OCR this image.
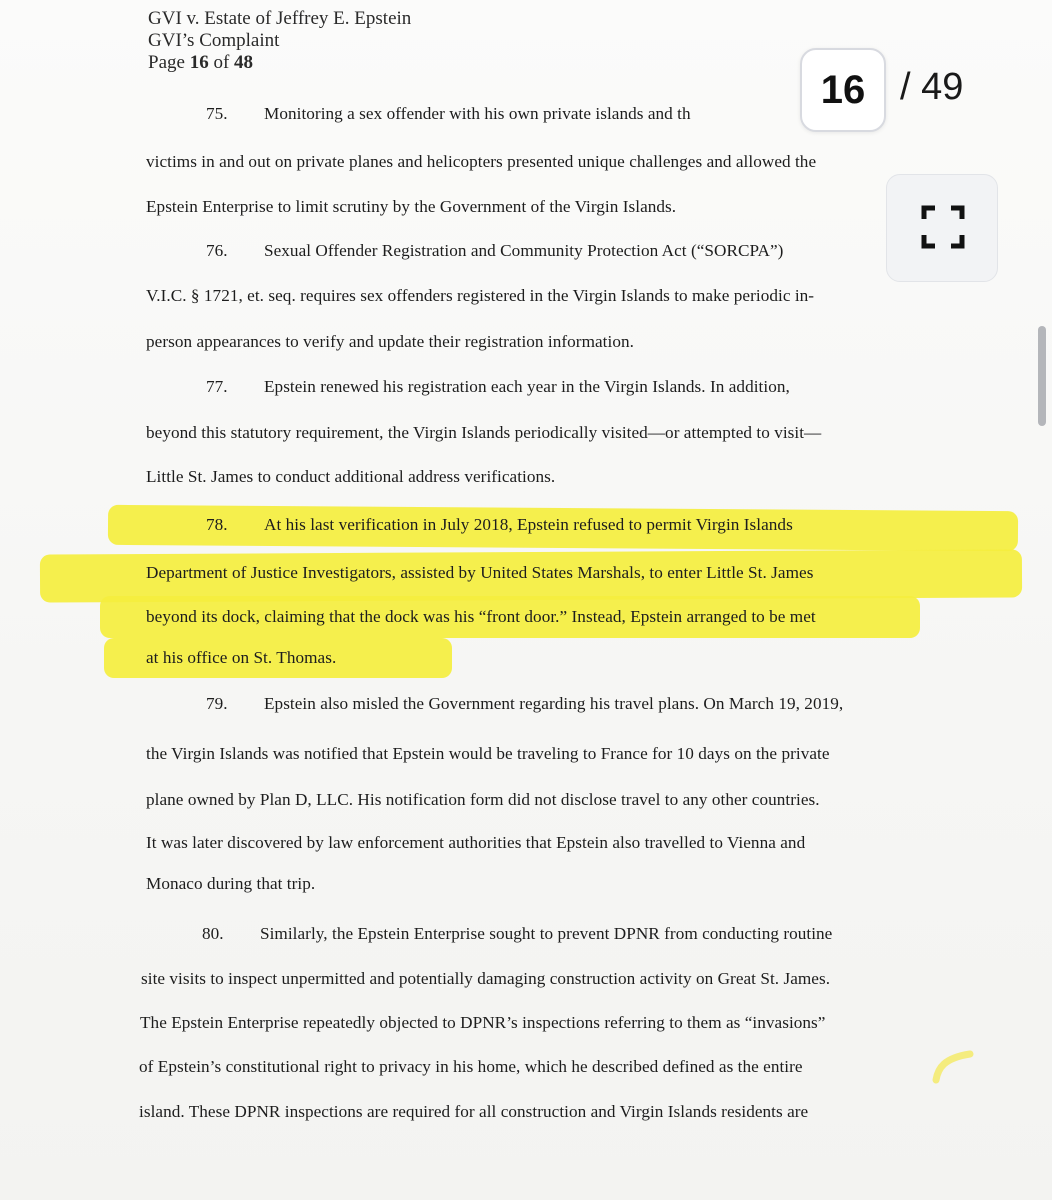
GVI v. Estate of Jeffrey E. Epstein
GVI’s Complaint
Page 16 of 48
75. Monitoring a sex offender with his own private islands and th
victims in and out on private planes and helicopters presented unique challenges and allowed the
Epstein Enterprise to limit scrutiny by the Government of the Virgin Islands.
76. Sexual Offender Registration and Community Protection Act (“SORCPA”)
V.I.C. § 1721, et. seq. requires sex offenders registered in the Virgin Islands to make periodic in-
person appearances to verify and update their registration information.
77. Epstein renewed his registration each year in the Virgin Islands. In addition,
beyond this statutory requirement, the Virgin Islands periodically visited—or attempted to visit—
Little St. James to conduct additional address verifications.
78. At his last verification in July 2018, Epstein refused to permit Virgin Islands
Department of Justice Investigators, assisted by United States Marshals, to enter Little St. James
beyond its dock, claiming that the dock was his “front door.” Instead, Epstein arranged to be met
at his office on St. Thomas.
79. Epstein also misled the Government regarding his travel plans. On March 19, 2019,
the Virgin Islands was notified that Epstein would be traveling to France for 10 days on the private
plane owned by Plan D, LLC. His notification form did not disclose travel to any other countries.
It was later discovered by law enforcement authorities that Epstein also travelled to Vienna and
Monaco during that trip.
80. Similarly, the Epstein Enterprise sought to prevent DPNR from conducting routine
site visits to inspect unpermitted and potentially damaging construction activity on Great St. James.
The Epstein Enterprise repeatedly objected to DPNR’s inspections referring to them as “invasions”
of Epstein’s constitutional right to privacy in his home, which he described defined as the entire
island. These DPNR inspections are required for all construction and Virgin Islands residents are
16 / 49
